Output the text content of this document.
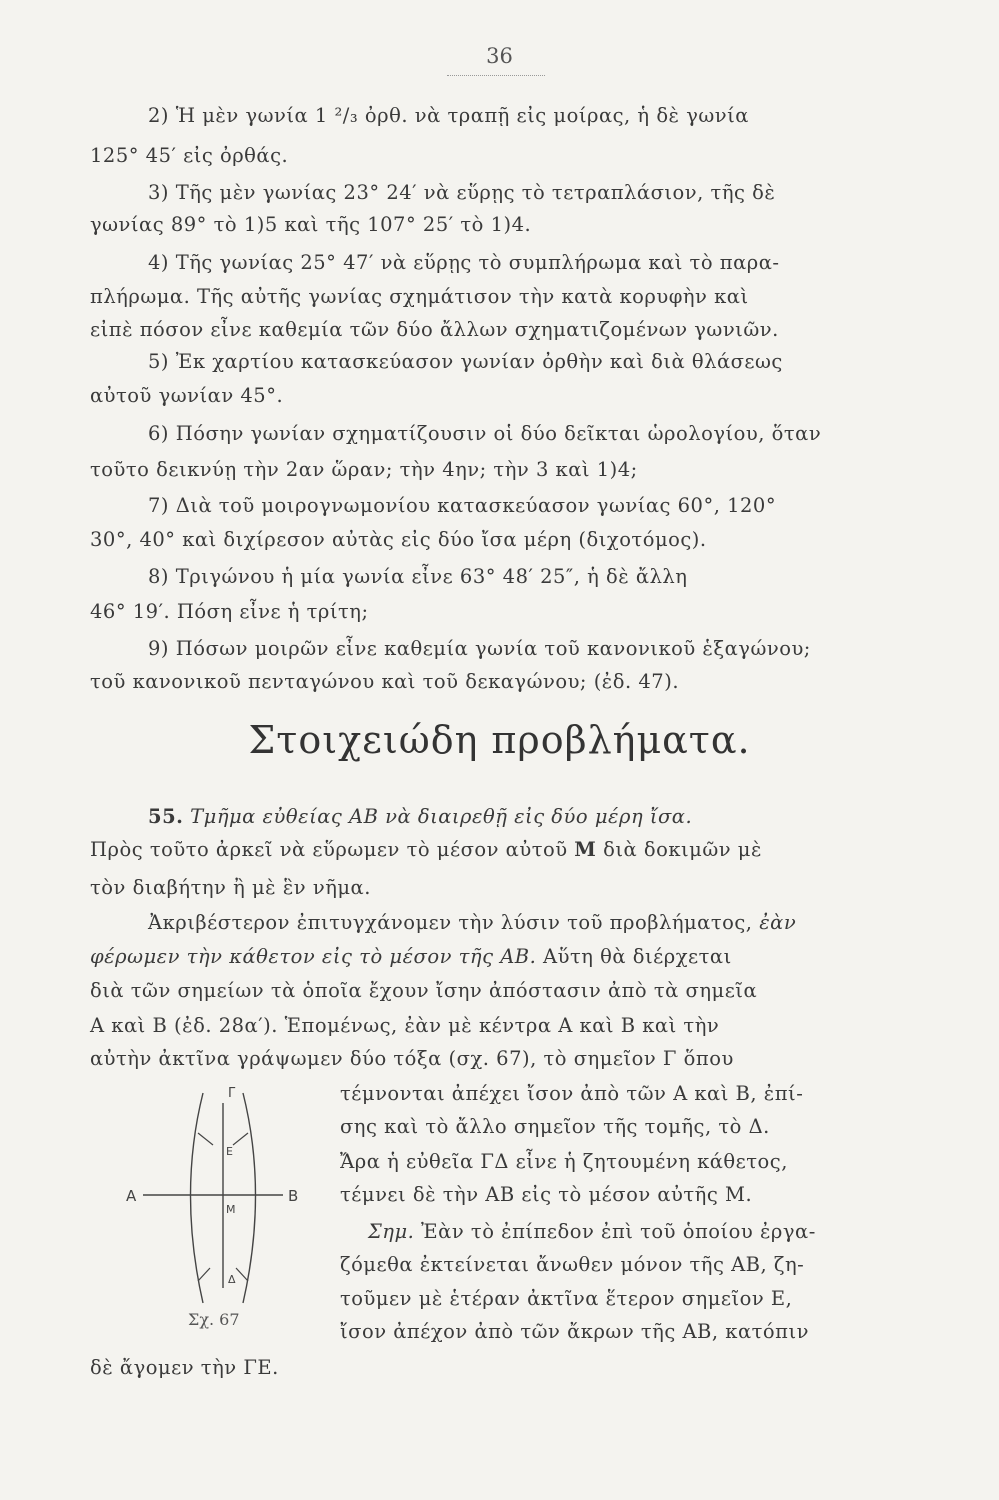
36
2) Ἡ μὲν γωνία 1 ²/₃ ὀρθ. νὰ τραπῇ εἰς μοίρας, ἡ δὲ γωνία
125° 45′ εἰς ὀρθάς.
3) Τῆς μὲν γωνίας 23° 24′ νὰ εὕρῃς τὸ τετραπλάσιον, τῆς δὲ
γωνίας 89° τὸ 1)5 καὶ τῆς 107° 25′ τὸ 1)4.
4) Τῆς γωνίας 25° 47′ νὰ εὕρῃς τὸ συμπλήρωμα καὶ τὸ παρα-
πλήρωμα. Τῆς αὐτῆς γωνίας σχημάτισον τὴν κατὰ κορυφὴν καὶ
εἰπὲ πόσον εἶνε καθεμία τῶν δύο ἄλλων σχηματιζομένων γωνιῶν.
5) Ἐκ χαρτίου κατασκεύασον γωνίαν ὀρθὴν καὶ διὰ θλάσεως
αὐτοῦ γωνίαν 45°.
6) Πόσην γωνίαν σχηματίζουσιν οἱ δύο δεῖκται ὡρολογίου, ὅταν
τοῦτο δεικνύῃ τὴν 2αν ὥραν; τὴν 4ην; τὴν 3 καὶ 1)4;
7) Διὰ τοῦ μοιρογνωμονίου κατασκεύασον γωνίας 60°, 120°
30°, 40° καὶ διχίρεσον αὐτὰς εἰς δύο ἴσα μέρη (διχοτόμος).
8) Τριγώνου ἡ μία γωνία εἶνε 63° 48′ 25″, ἡ δὲ ἄλλη
46° 19′. Πόση εἶνε ἡ τρίτη;
9) Πόσων μοιρῶν εἶνε καθεμία γωνία τοῦ κανονικοῦ ἑξαγώνου;
τοῦ κανονικοῦ πενταγώνου καὶ τοῦ δεκαγώνου; (ἐδ. 47).
Στοιχειώδη προβλήματα.
55. Τμῆμα εὐθείας ΑΒ νὰ διαιρεθῇ εἰς δύο μέρη ἴσα.
Πρὸς τοῦτο ἀρκεῖ νὰ εὕρωμεν τὸ μέσον αὐτοῦ Μ διὰ δοκιμῶν μὲ
τὸν διαβήτην ἢ μὲ ἓν νῆμα.
Ἀκριβέστερον ἐπιτυγχάνομεν τὴν λύσιν τοῦ προβλήματος, ἐὰν
φέρωμεν τὴν κάθετον εἰς τὸ μέσον τῆς ΑΒ. Αὕτη θὰ διέρχεται
διὰ τῶν σημείων τὰ ὁποῖα ἔχουν ἴσην ἀπόστασιν ἀπὸ τὰ σημεῖα
Α καὶ Β (ἐδ. 28α′). Ἑπομένως, ἐὰν μὲ κέντρα Α καὶ Β καὶ τὴν
αὐτὴν ἀκτῖνα γράψωμεν δύο τόξα (σχ. 67), τὸ σημεῖον Γ ὅπου
τέμνονται ἀπέχει ἴσον ἀπὸ τῶν Α καὶ Β, ἐπί-
σης καὶ τὸ ἄλλο σημεῖον τῆς τομῆς, τὸ Δ.
Ἄρα ἡ εὐθεῖα ΓΔ εἶνε ἡ ζητουμένη κάθετος,
τέμνει δὲ τὴν ΑΒ εἰς τὸ μέσον αὐτῆς Μ.
Σημ. Ἐὰν τὸ ἐπίπεδον ἐπὶ τοῦ ὁποίου ἐργα-
ζόμεθα ἐκτείνεται ἄνωθεν μόνον τῆς ΑΒ, ζη-
τοῦμεν μὲ ἑτέραν ἀκτῖνα ἕτερον σημεῖον Ε,
ἴσον ἀπέχον ἀπὸ τῶν ἄκρων τῆς ΑΒ, κατόπιν
δὲ ἄγομεν τὴν ΓΕ.
Α	Β
Γ
Ε
Μ
Δ
Σχ. 67
